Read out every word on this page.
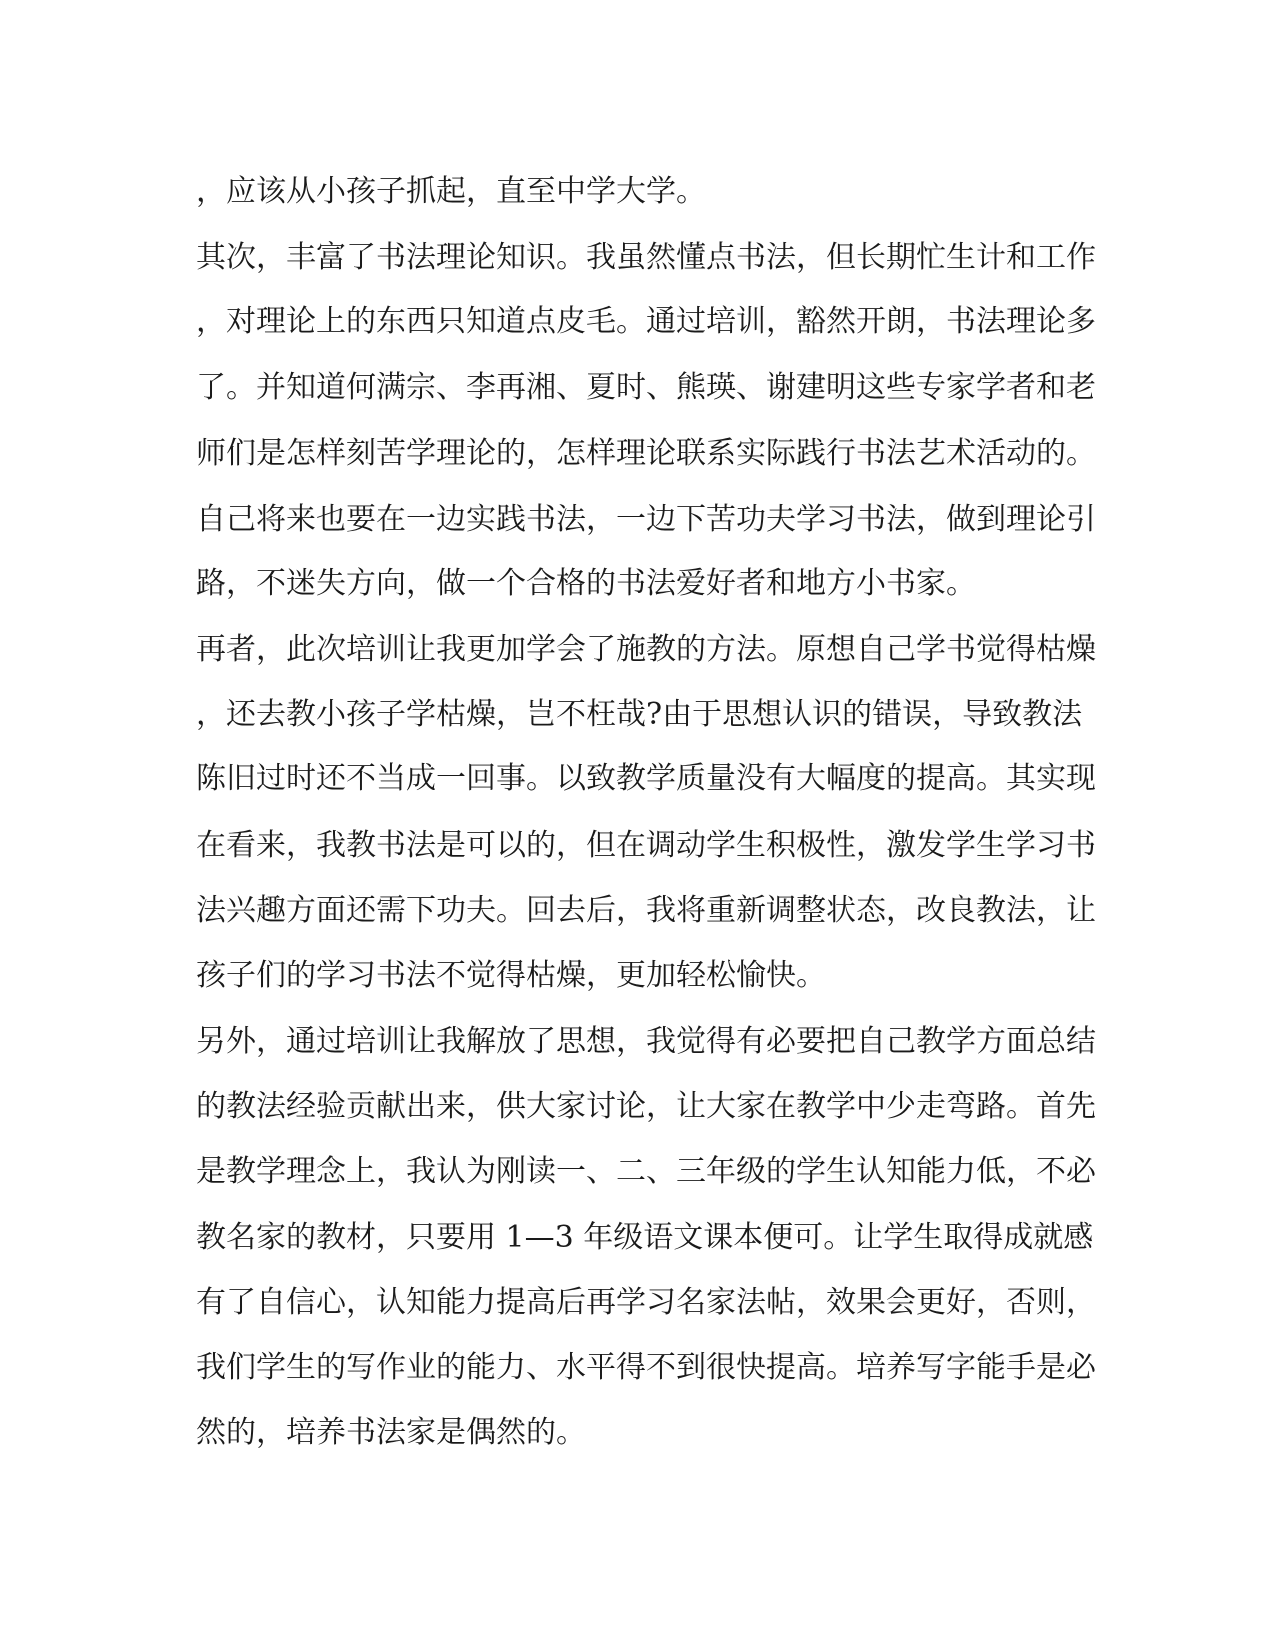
，应该从小孩子抓起，直至中学大学。
其次，丰富了书法理论知识。我虽然懂点书法，但长期忙生计和工作
，对理论上的东西只知道点皮毛。通过培训，豁然开朗，书法理论多
了。并知道何满宗、李再湘、夏时、熊瑛、谢建明这些专家学者和老
师们是怎样刻苦学理论的，怎样理论联系实际践行书法艺术活动的。
自己将来也要在一边实践书法，一边下苦功夫学习书法，做到理论引
路，不迷失方向，做一个合格的书法爱好者和地方小书家。
再者，此次培训让我更加学会了施教的方法。原想自己学书觉得枯燥
，还去教小孩子学枯燥，岂不枉哉?由于思想认识的错误，导致教法
陈旧过时还不当成一回事。以致教学质量没有大幅度的提高。其实现
在看来，我教书法是可以的，但在调动学生积极性，激发学生学习书
法兴趣方面还需下功夫。回去后，我将重新调整状态，改良教法，让
孩子们的学习书法不觉得枯燥，更加轻松愉快。
另外，通过培训让我解放了思想，我觉得有必要把自己教学方面总结
的教法经验贡献出来，供大家讨论，让大家在教学中少走弯路。首先
是教学理念上，我认为刚读一、二、三年级的学生认知能力低，不必
教名家的教材，只要用 1—3 年级语文课本便可。让学生取得成就感
有了自信心，认知能力提高后再学习名家法帖，效果会更好，否则，
我们学生的写作业的能力、水平得不到很快提高。培养写字能手是必
然的，培养书法家是偶然的。
